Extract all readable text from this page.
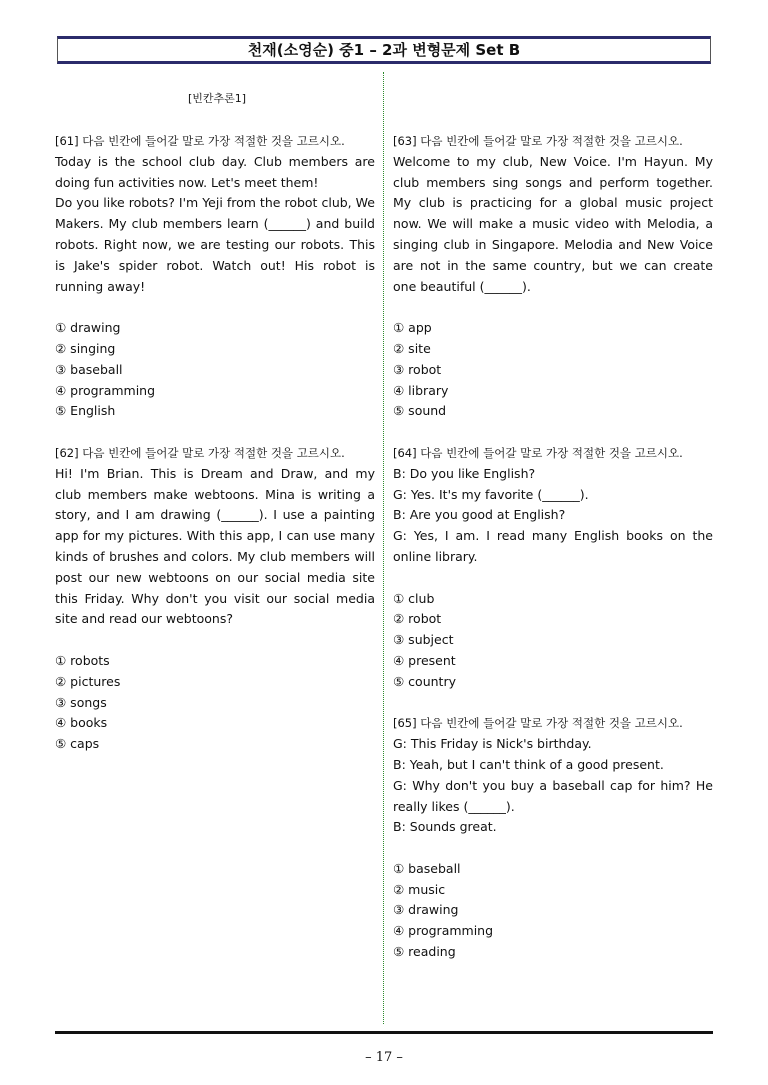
천재(소영순) 중1 – 2과 변형문제 Set B
[빈칸추론1]

[61] 다음 빈칸에 들어갈 말로 가장 적절한 것을 고르시오.

Today is the school club day. Club members are doing fun activities now. Let's meet them!

Do you like robots? I'm Yeji from the robot club, We Makers. My club members learn (______) and build robots. Right now, we are testing our robots. This is Jake's spider robot. Watch out! His robot is running away!

① drawing
② singing
③ baseball
④ programming
⑤ English

[62] 다음 빈칸에 들어갈 말로 가장 적절한 것을 고르시오.

Hi! I'm Brian. This is Dream and Draw, and my club members make webtoons. Mina is writing a story, and I am drawing (______). I use a painting app for my pictures. With this app, I can use many kinds of brushes and colors. My club members will post our new webtoons on our social media site this Friday. Why don't you visit our social media site and read our webtoons?

① robots
② pictures
③ songs
④ books
⑤ caps

[63] 다음 빈칸에 들어갈 말로 가장 적절한 것을 고르시오.

Welcome to my club, New Voice. I'm Hayun. My club members sing songs and perform together. My club is practicing for a global music project now. We will make a music video with Melodia, a singing club in Singapore. Melodia and New Voice are not in the same country, but we can create one beautiful (______).

① app
② site
③ robot
④ library
⑤ sound

[64] 다음 빈칸에 들어갈 말로 가장 적절한 것을 고르시오.

B: Do you like English?

G: Yes. It's my favorite (______).

B: Are you good at English?

G: Yes, I am. I read many English books on the online library.

① club
② robot
③ subject
④ present
⑤ country

[65] 다음 빈칸에 들어갈 말로 가장 적절한 것을 고르시오.

G: This Friday is Nick's birthday.

B: Yeah, but I can't think of a good present.

G: Why don't you buy a baseball cap for him? He really likes (______).

B: Sounds great.

① baseball
② music
③ drawing
④ programming
⑤ reading
– 17 –
